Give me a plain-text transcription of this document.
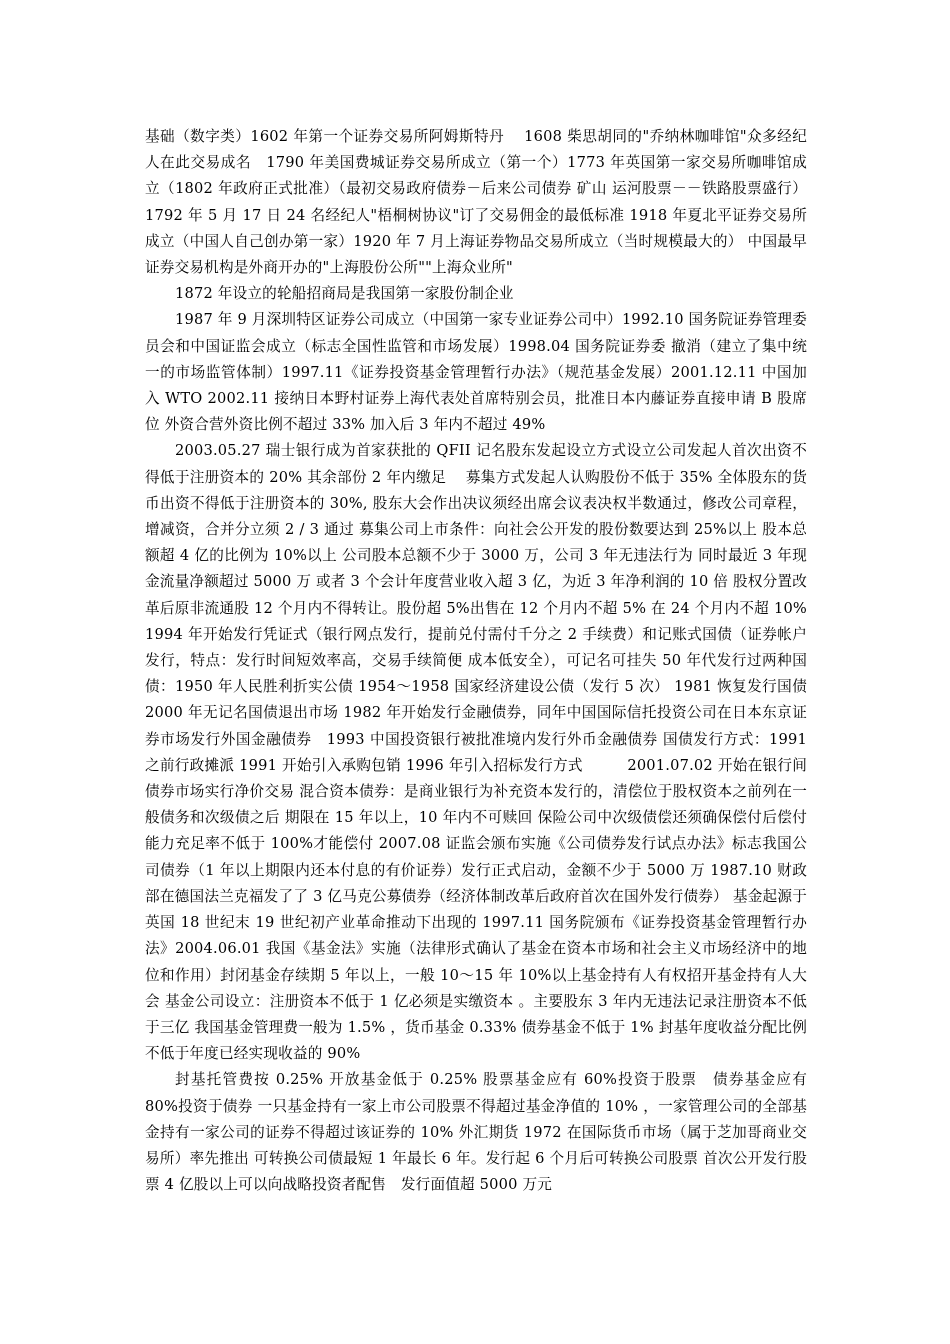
基础（数字类）1602 年第一个证券交易所阿姆斯特丹　 1608 柴思胡同的"乔纳林咖啡馆"众多经纪人在此交易成名　1790 年美国费城证券交易所成立（第一个）1773 年英国第一家交易所咖啡馆成立（1802 年政府正式批准）（最初交易政府债券－后来公司债券 矿山 运河股票－－铁路股票盛行） 1792 年 5 月 17 日 24 名经纪人"梧桐树协议"订了交易佣金的最低标准 1918 年夏北平证券交易所成立（中国人自己创办第一家）1920 年 7 月上海证券物品交易所成立（当时规模最大的） 中国最早证券交易机构是外商开办的"上海股份公所""上海众业所"

1872 年设立的轮船招商局是我国第一家股份制企业

1987 年 9 月深圳特区证券公司成立（中国第一家专业证券公司中）1992.10 国务院证券管理委员会和中国证监会成立（标志全国性监管和市场发展）1998.04 国务院证券委 撤消（建立了集中统一的市场监管体制）1997.11《证券投资基金管理暂行办法》（规范基金发展）2001.12.11 中国加入 WTO 2002.11 接纳日本野村证券上海代表处首席特别会员，批准日本内藤证券直接申请 B 股席位 外资合营外资比例不超过 33% 加入后 3 年内不超过 49%

2003.05.27 瑞士银行成为首家获批的 QFII 记名股东发起设立方式设立公司发起人首次出资不得低于注册资本的 20% 其余部份 2 年内缴足　 募集方式发起人认购股份不低于 35% 全体股东的货币出资不得低于注册资本的 30%, 股东大会作出决议须经出席会议表决权半数通过，修改公司章程，增减资，合并分立须 2 / 3 通过 募集公司上市条件：向社会公开发的股份数要达到 25%以上 股本总额超 4 亿的比例为 10%以上 公司股本总额不少于 3000 万，公司 3 年无违法行为 同时最近 3 年现金流量净额超过 5000 万 或者 3 个会计年度营业收入超 3 亿，为近 3 年净利润的 10 倍 股权分置改革后原非流通股 12 个月内不得转让。股份超 5%出售在 12 个月内不超 5% 在 24 个月内不超 10% 1994 年开始发行凭证式（银行网点发行，提前兑付需付千分之 2 手续费）和记账式国债（证券帐户发行，特点：发行时间短效率高，交易手续简便 成本低安全），可记名可挂失 50 年代发行过两种国债：1950 年人民胜利折实公债 1954～1958 国家经济建设公债（发行 5 次） 1981 恢复发行国债 2000 年无记名国债退出市场 1982 年开始发行金融债券，同年中国国际信托投资公司在日本东京证券市场发行外国金融债券　1993 中国投资银行被批准境内发行外币金融债券 国债发行方式：1991 之前行政摊派 1991 开始引入承购包销 1996 年引入招标发行方式　　　2001.07.02 开始在银行间债券市场实行净价交易 混合资本债券：是商业银行为补充资本发行的，清偿位于股权资本之前列在一般债务和次级债之后 期限在 15 年以上，10 年内不可赎回 保险公司中次级债偿还须确保偿付后偿付能力充足率不低于 100%才能偿付 2007.08 证监会颁布实施《公司债券发行试点办法》标志我国公司债券（1 年以上期限内还本付息的有价证券）发行正式启动，金额不少于 5000 万 1987.10 财政部在德国法兰克福发了了 3 亿马克公募债券（经济体制改革后政府首次在国外发行债券） 基金起源于英国 18 世纪末 19 世纪初产业革命推动下出现的 1997.11 国务院颁布《证券投资基金管理暂行办法》2004.06.01 我国《基金法》实施（法律形式确认了基金在资本市场和社会主义市场经济中的地位和作用）封闭基金存续期 5 年以上，一般 10～15 年 10%以上基金持有人有权招开基金持有人大会 基金公司设立：注册资本不低于 1 亿必须是实缴资本 。主要股东 3 年内无违法记录注册资本不低于三亿 我国基金管理费一般为 1.5% ，货币基金 0.33% 债券基金不低于 1% 封基年度收益分配比例不低于年度已经实现收益的 90%

封基托管费按 0.25% 开放基金低于 0.25% 股票基金应有 60%投资于股票　债券基金应有 80%投资于债券 一只基金持有一家上市公司股票不得超过基金净值的 10% ，一家管理公司的全部基金持有一家公司的证券不得超过该证券的 10% 外汇期货 1972 在国际货币市场（属于芝加哥商业交易所）率先推出 可转换公司债最短 1 年最长 6 年。发行起 6 个月后可转换公司股票 首次公开发行股票 4 亿股以上可以向战略投资者配售　发行面值超 5000 万元
